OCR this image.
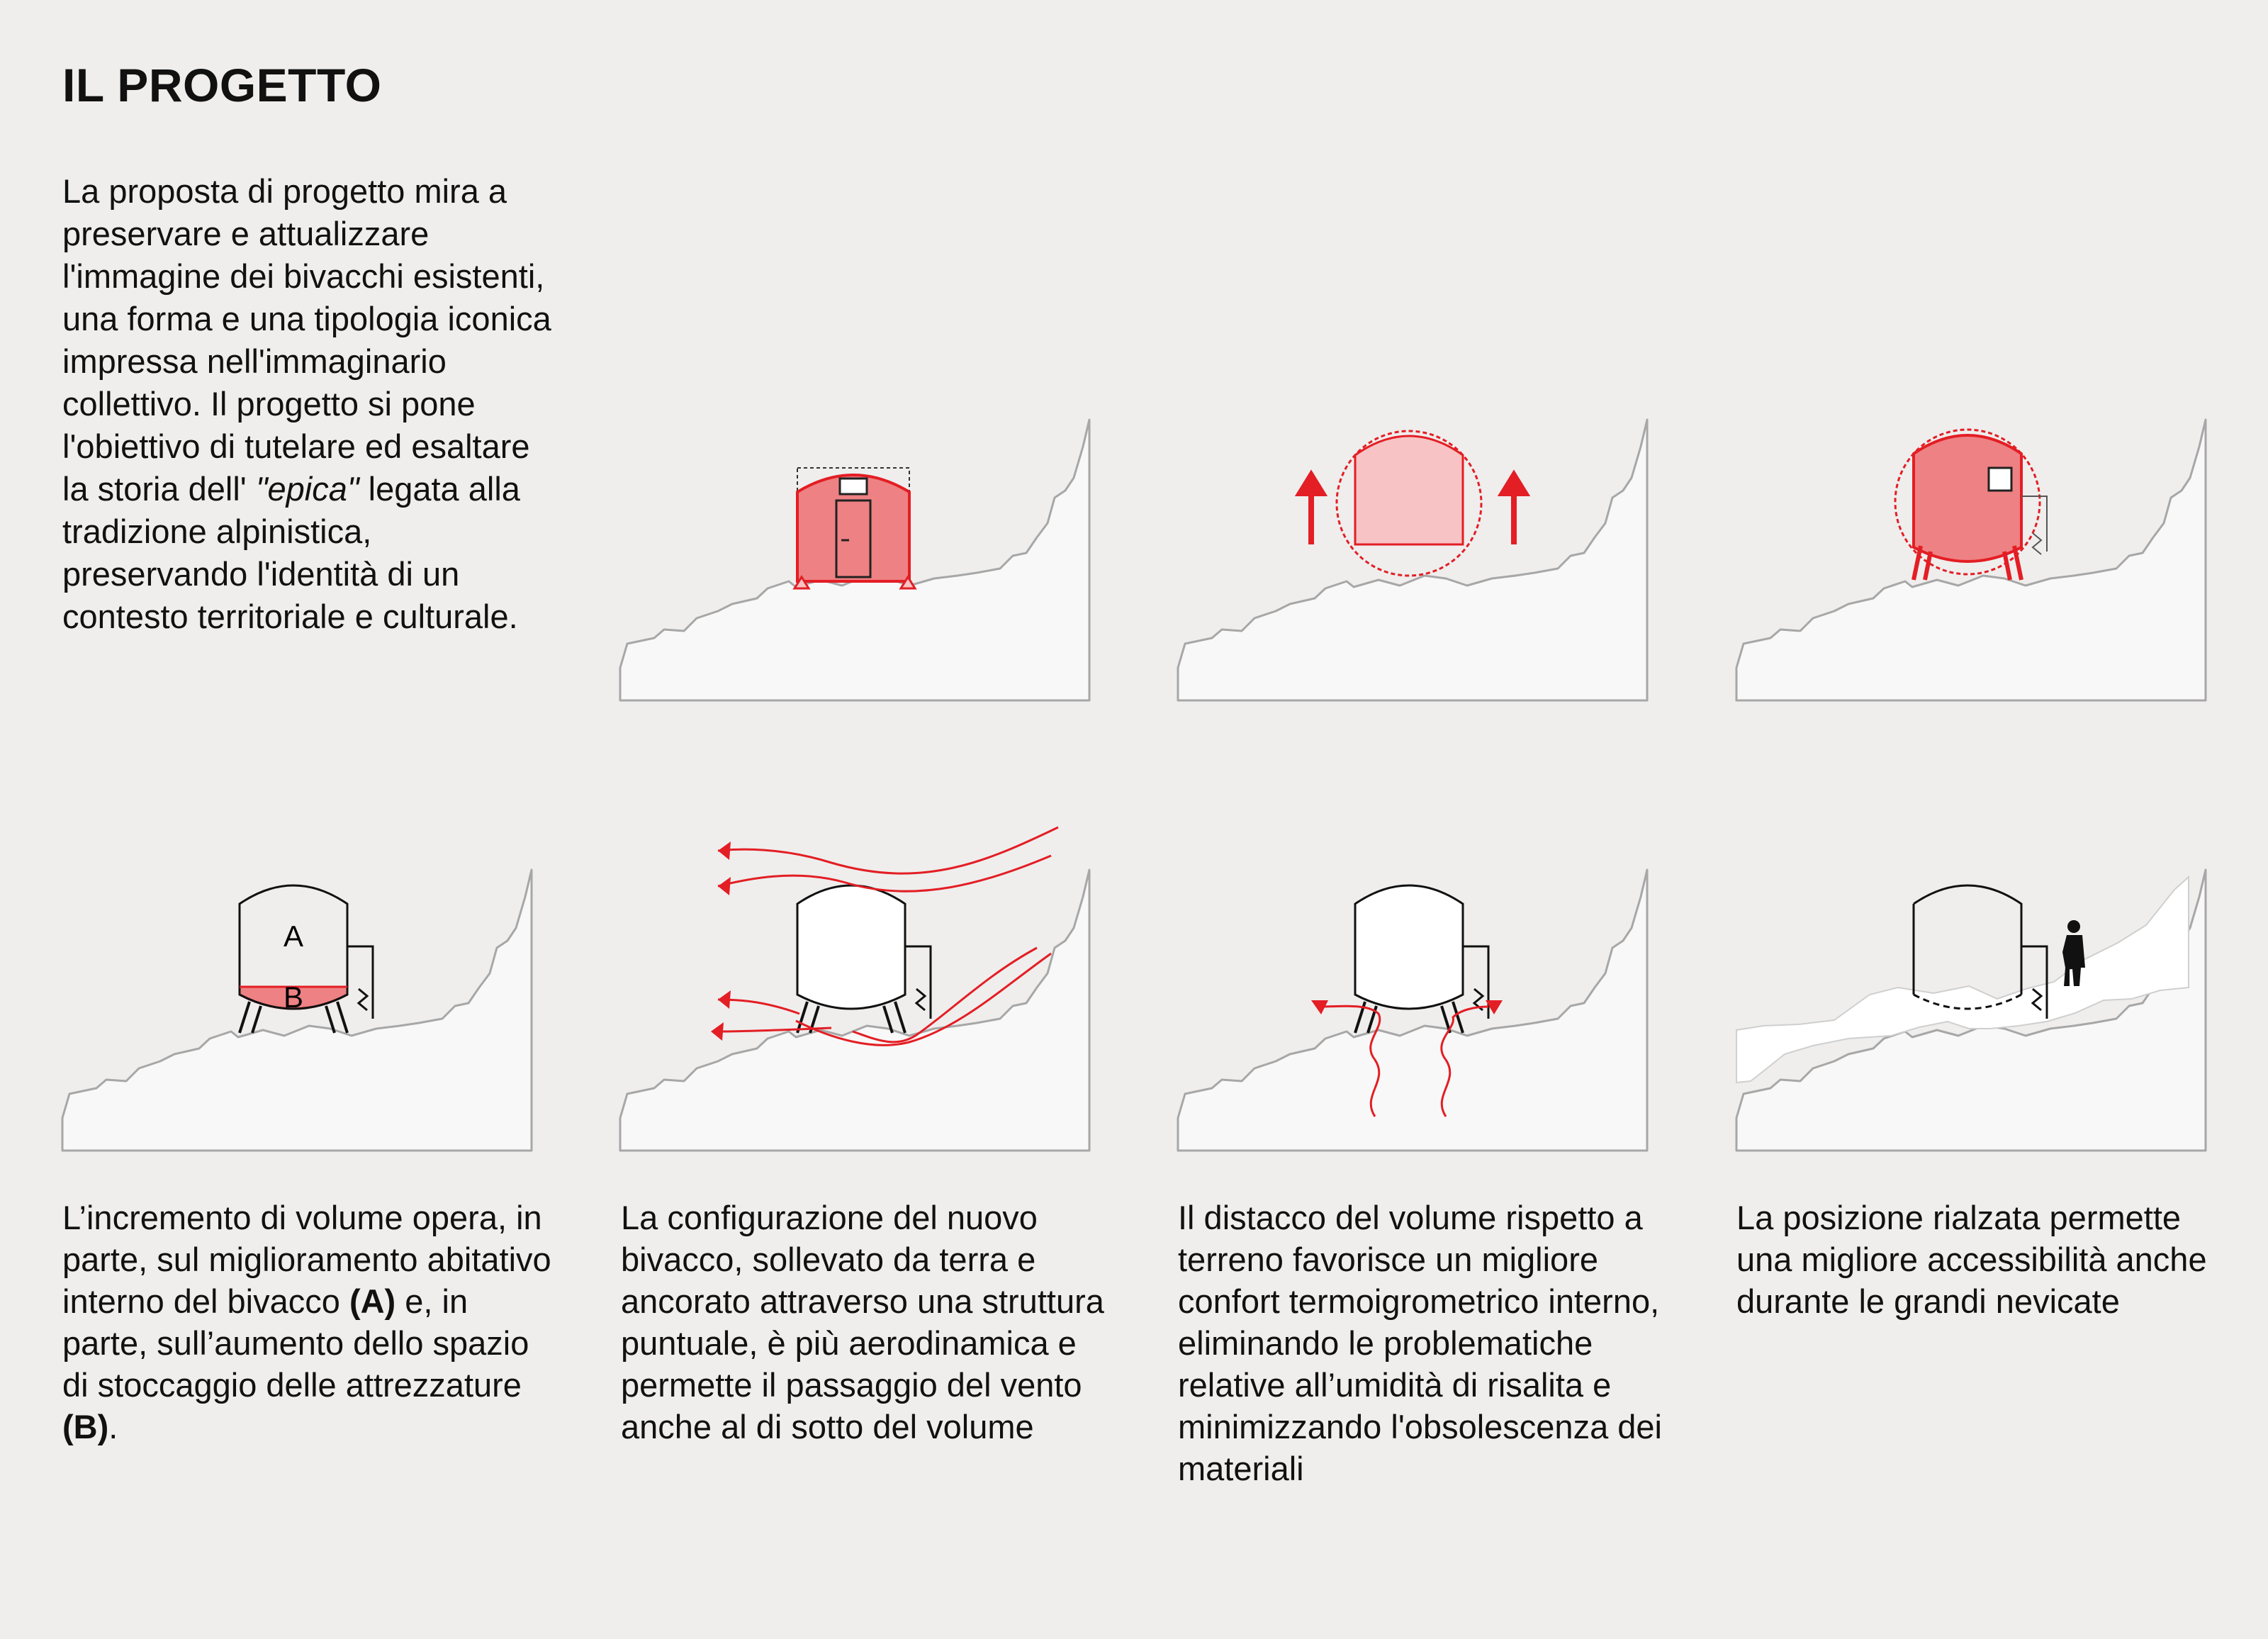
IL PROGETTO

La proposta di progetto mira a preservare e attualizzare l'immagine dei bivacchi esistenti, una forma e una tipologia iconica impressa nell'immaginario collettivo. Il progetto si pone l'obiettivo di tutelare ed esaltare la storia dell' "epica" legata alla tradizione alpinistica, preservando l'identità di un contesto territoriale e culturale.

A
B

L’incremento di volume opera, in parte, sul miglioramento abitativo interno del bivacco (A) e, in parte, sull’aumento dello spazio di stoccaggio delle attrezzature (B).

La configurazione del nuovo bivacco, sollevato da terra e ancorato attraverso una struttura puntuale, è più aerodinamica e permette il passaggio del vento anche al di sotto del volume

Il distacco del volume rispetto a terreno favorisce un migliore confort termoigrometrico interno, eliminando le problematiche relative all’umidità di risalita e minimizzando l'obsolescenza dei materiali

La posizione rialzata permette una migliore accessibilità anche durante le grandi nevicate
